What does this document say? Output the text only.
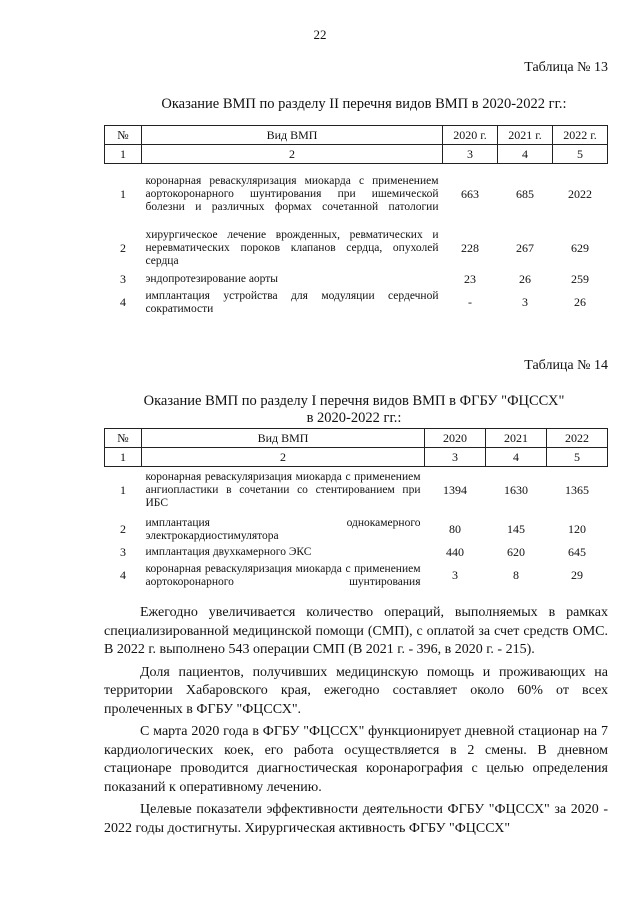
22
Таблица № 13
Оказание ВМП по разделу II перечня видов ВМП в 2020-2022 гг.:
№	Вид ВМП	2020 г.	2021 г.	2022 г.
1	2	3	4	5
1	коронарная реваскуляризация миокарда с применением аортокоронарного шунтирования при ишемической болезни и различных формах сочетанной патологии	663	685	2022
2	хирургическое лечение врожденных, ревматических и неревматических пороков клапанов сердца, опухолей сердца	228	267	629
3	эндопротезирование аорты	23	26	259
4	имплантация устройства для модуляции сердечной сократимости	-	3	26
Таблица № 14
Оказание ВМП по разделу I перечня видов ВМП в ФГБУ "ФЦССХ"
в 2020-2022 гг.:
№	Вид ВМП	2020	2021	2022
1	2	3	4	5
1	коронарная реваскуляризация миокарда с применением ангиопластики в сочетании со стентированием при ИБС	1394	1630	1365
2	имплантация однокамерного электрокардиостимулятора	80	145	120
3	имплантация двухкамерного ЭКС	440	620	645
4	коронарная реваскуляризация миокарда с применением аортокоронарного шунтирования	3	8	29

Ежегодно увеличивается количество операций, выполняемых в рамках специализированной медицинской помощи (СМП), с оплатой за счет средств ОМС. В 2022 г. выполнено 543 операции СМП (В 2021 г. - 396, в 2020 г. - 215).

Доля пациентов, получивших медицинскую помощь и проживающих на территории Хабаровского края, ежегодно составляет около 60% от всех пролеченных в ФГБУ "ФЦССХ".

С марта 2020 года в ФГБУ "ФЦССХ" функционирует дневной стационар на 7 кардиологических коек, его работа осуществляется в 2 смены. В дневном стационаре проводится диагностическая коронарография с целью определения показаний к оперативному лечению.

Целевые показатели эффективности деятельности ФГБУ "ФЦССХ" за 2020 - 2022 годы достигнуты. Хирургическая активность ФГБУ "ФЦССХ"
